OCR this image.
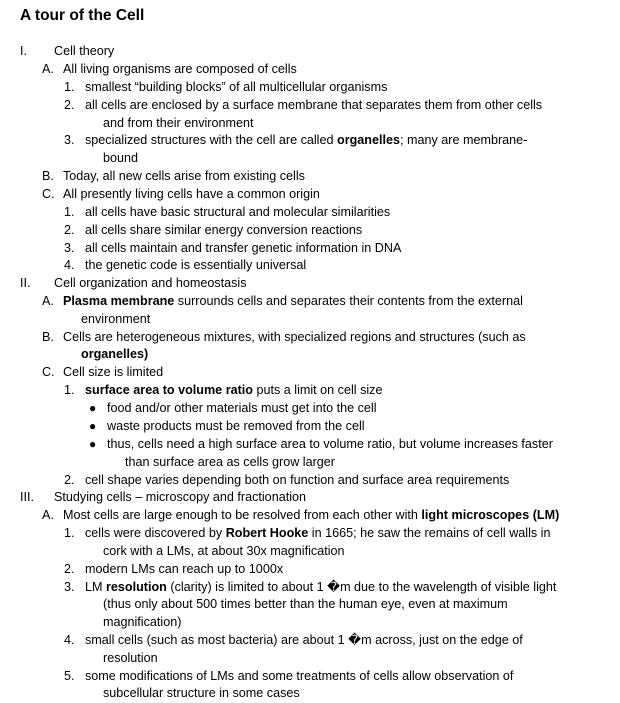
A tour of the Cell
I. Cell theory
A. All living organisms are composed of cells
1. smallest “building blocks” of all multicellular organisms
2. all cells are enclosed by a surface membrane that separates them from other cells
and from their environment
3. specialized structures with the cell are called organelles; many are membrane-
bound
B. Today, all new cells arise from existing cells
C. All presently living cells have a common origin
1. all cells have basic structural and molecular similarities
2. all cells share similar energy conversion reactions
3. all cells maintain and transfer genetic information in DNA
4. the genetic code is essentially universal
II. Cell organization and homeostasis
A. Plasma membrane surrounds cells and separates their contents from the external
environment
B. Cells are heterogeneous mixtures, with specialized regions and structures (such as
organelles)
C. Cell size is limited
1. surface area to volume ratio puts a limit on cell size
● food and/or other materials must get into the cell
● waste products must be removed from the cell
● thus, cells need a high surface area to volume ratio, but volume increases faster
than surface area as cells grow larger
2. cell shape varies depending both on function and surface area requirements
III. Studying cells – microscopy and fractionation
A. Most cells are large enough to be resolved from each other with light microscopes (LM)
1. cells were discovered by Robert Hooke in 1665; he saw the remains of cell walls in
cork with a LMs, at about 30x magnification
2. modern LMs can reach up to 1000x
3. LM resolution (clarity) is limited to about 1 �m due to the wavelength of visible light
(thus only about 500 times better than the human eye, even at maximum
magnification)
4. small cells (such as most bacteria) are about 1 �m across, just on the edge of
resolution
5. some modifications of LMs and some treatments of cells allow observation of
subcellular structure in some cases
